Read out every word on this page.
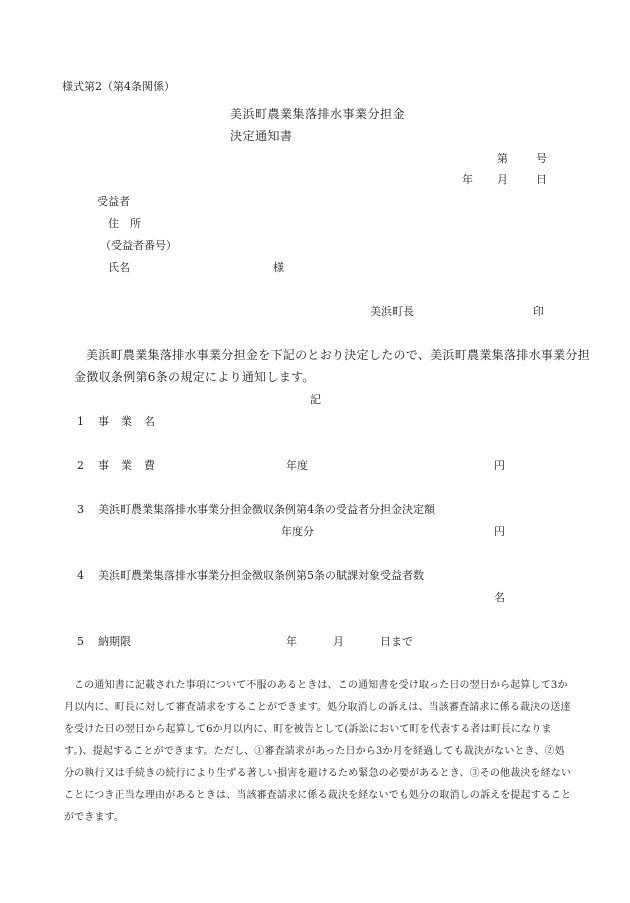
様式第2（第4条関係）
美浜町農業集落排水事業分担金
決定通知書
第	号
年 月	日
受益者
住　所
（受益者番号）
氏名	様
美浜町長	印
美浜町農業集落排水事業分担金を下記のとおり決定したので、美浜町農業集落排水事業分担
金徴収条例第6条の規定により通知します。
記
1 事業名
2 事業費	年度	円
3 美浜町農業集落排水事業分担金徴収条例第4条の受益者分担金決定額
年度分	円
4 美浜町農業集落排水事業分担金徴収条例第5条の賦課対象受益者数
名
5 納期限	年	月	日まで
この通知書に記載された事項について不服のあるときは、この通知書を受け取った日の翌日から起算して3か
月以内に、町長に対して審査請求をすることができます。処分取消しの訴えは、当該審査請求に係る裁決の送達
を受けた日の翌日から起算して6か月以内に、町を被告として(訴訟において町を代表する者は町長になりま
す。)、提起することができます。ただし、①審査請求があった日から3か月を経過しても裁決がないとき、②処
分の執行又は手続きの続行により生ずる著しい損害を避けるため緊急の必要があるとき、③その他裁決を経ない
ことにつき正当な理由があるときは、当該審査請求に係る裁決を経ないでも処分の取消しの訴えを提起すること
ができます。
